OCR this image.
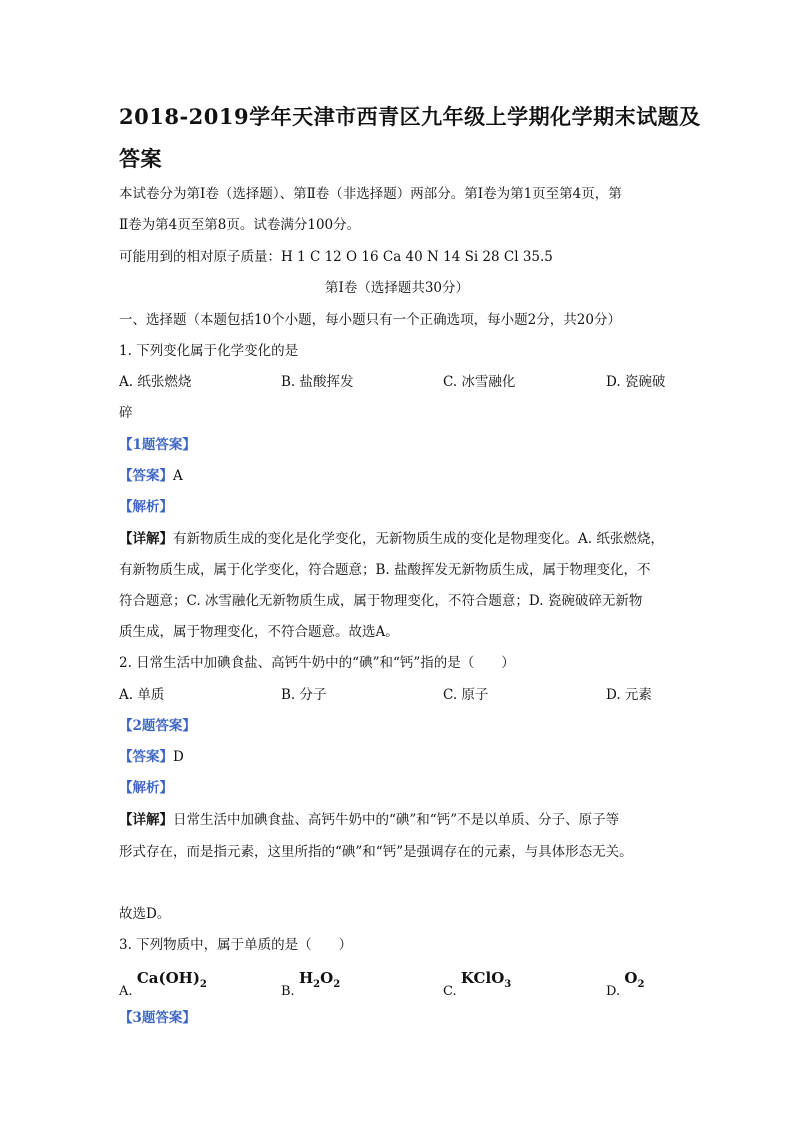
2018-2019学年天津市西青区九年级上学期化学期末试题及
答案
本试卷分为第Ⅰ卷（选择题）、第Ⅱ卷（非选择题）两部分。第Ⅰ卷为第1页至第4页，第
Ⅱ卷为第4页至第8页。试卷满分100分。
可能用到的相对原子质量：H 1 C 12 O 16 Ca 40 N 14 Si 28 Cl 35.5
第Ⅰ卷（选择题共30分）
一、选择题（本题包括10个小题，每小题只有一个正确选项，每小题2分，共20分）
1. 下列变化属于化学变化的是
A. 纸张燃烧	B. 盐酸挥发	C. 冰雪融化	D. 瓷碗破
碎
【1题答案】
【答案】A
【解析】
【详解】有新物质生成的变化是化学变化，无新物质生成的变化是物理变化。A. 纸张燃烧，
有新物质生成，属于化学变化，符合题意；B. 盐酸挥发无新物质生成，属于物理变化，不
符合题意；C. 冰雪融化无新物质生成，属于物理变化，不符合题意；D. 瓷碗破碎无新物
质生成，属于物理变化，不符合题意。故选A。
2. 日常生活中加碘食盐、高钙牛奶中的“碘”和“钙”指的是（　　）
A. 单质	B. 分子	C. 原子	D. 元素
【2题答案】
【答案】D
【解析】
【详解】日常生活中加碘食盐、高钙牛奶中的“碘”和“钙”不是以单质、分子、原子等
形式存在，而是指元素，这里所指的“碘”和“钙”是强调存在的元素，与具体形态无关。
故选D。
3. 下列物质中，属于单质的是（　　）
A. $Ca(OH)_2$	B. $H_2O_2$	C. KClO$_3$	D. $O_2$
【3题答案】
